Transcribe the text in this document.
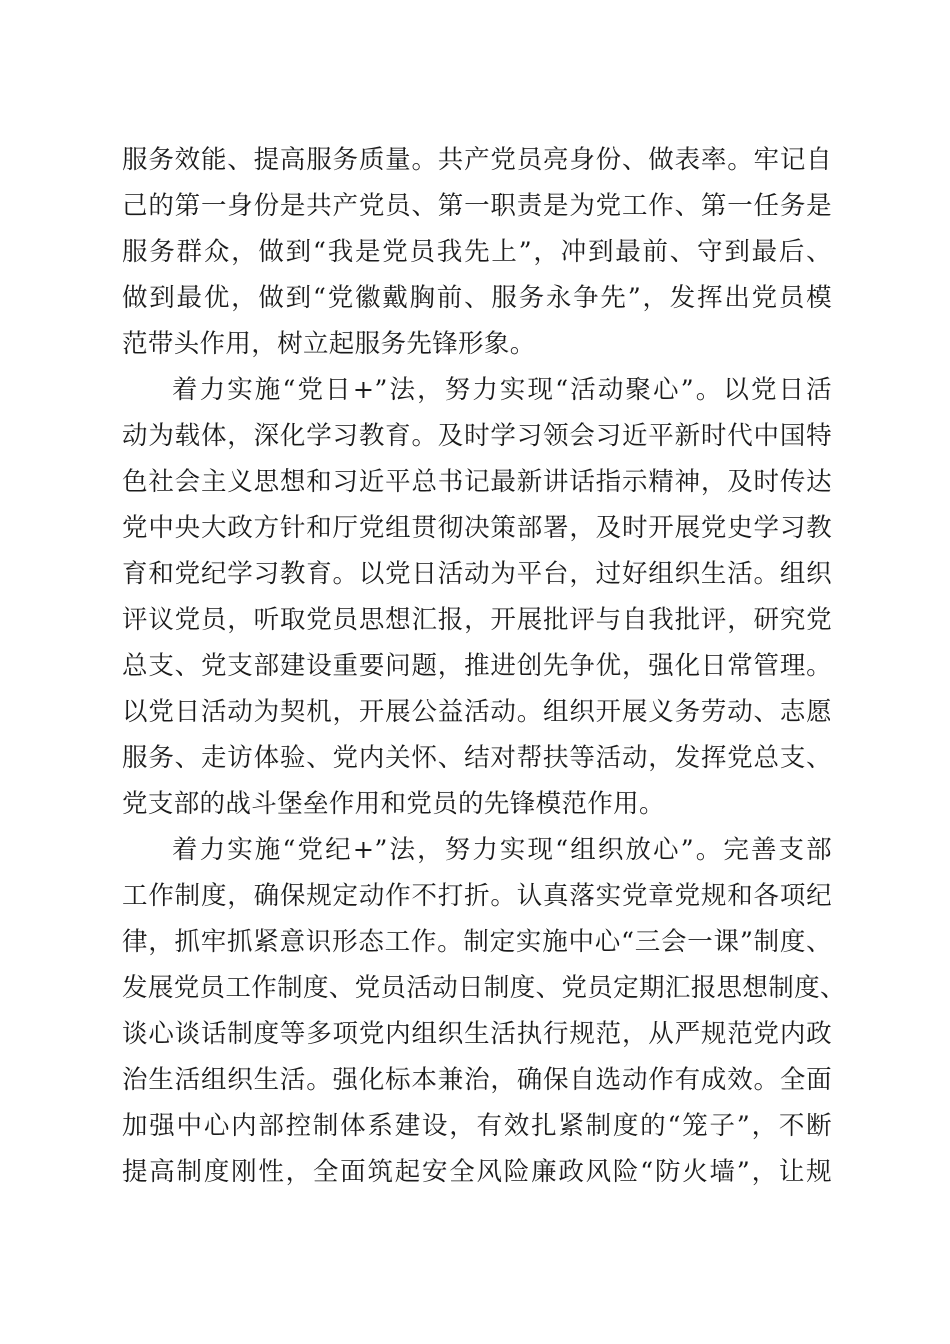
服务效能、提高服务质量。共产党员亮身份、做表率。牢记自
己的第一身份是共产党员、第一职责是为党工作、第一任务是
服务群众，做到“我是党员我先上”，冲到最前、守到最后、
做到最优，做到“党徽戴胸前、服务永争先”，发挥出党员模
范带头作用，树立起服务先锋形象。
着力实施“党日+”法，努力实现“活动聚心”。以党日活
动为载体，深化学习教育。及时学习领会习近平新时代中国特
色社会主义思想和习近平总书记最新讲话指示精神，及时传达
党中央大政方针和厅党组贯彻决策部署，及时开展党史学习教
育和党纪学习教育。以党日活动为平台，过好组织生活。组织
评议党员，听取党员思想汇报，开展批评与自我批评，研究党
总支、党支部建设重要问题，推进创先争优，强化日常管理。
以党日活动为契机，开展公益活动。组织开展义务劳动、志愿
服务、走访体验、党内关怀、结对帮扶等活动，发挥党总支、
党支部的战斗堡垒作用和党员的先锋模范作用。
着力实施“党纪+”法，努力实现“组织放心”。完善支部
工作制度，确保规定动作不打折。认真落实党章党规和各项纪
律，抓牢抓紧意识形态工作。制定实施中心“三会一课”制度、
发展党员工作制度、党员活动日制度、党员定期汇报思想制度、
谈心谈话制度等多项党内组织生活执行规范，从严规范党内政
治生活组织生活。强化标本兼治，确保自选动作有成效。全面
加强中心内部控制体系建设，有效扎紧制度的“笼子”，不断
提高制度刚性，全面筑起安全风险廉政风险“防火墙”，让规
